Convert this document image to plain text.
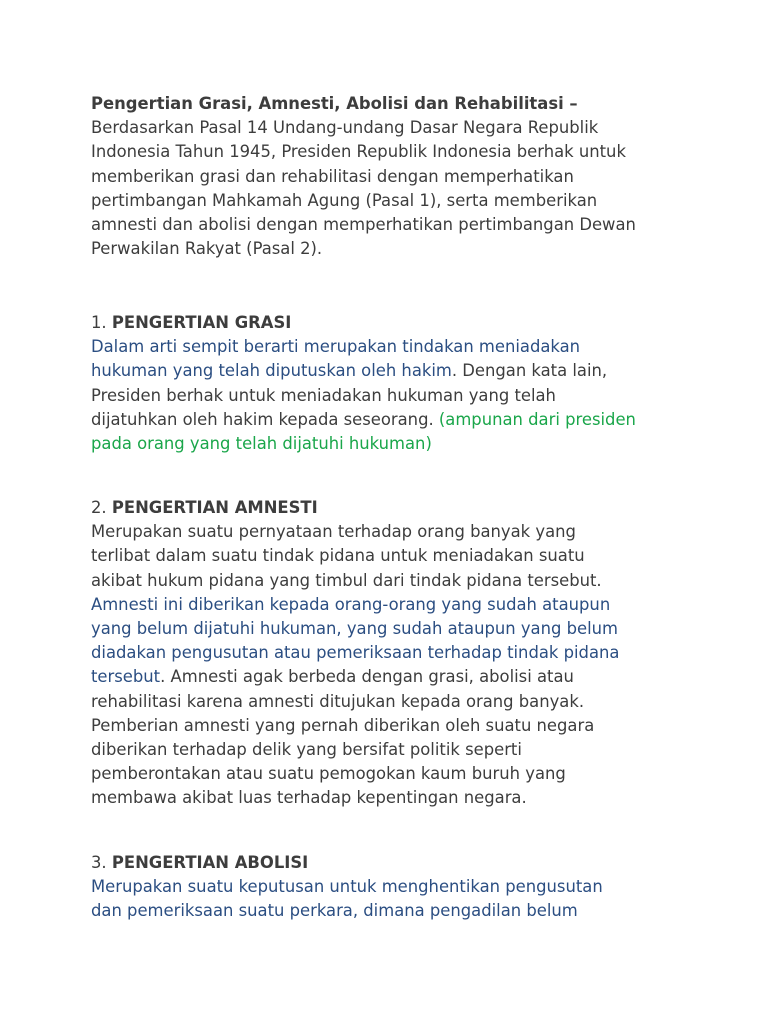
Pengertian Grasi, Amnesti, Abolisi dan Rehabilitasi –
Berdasarkan Pasal 14 Undang-undang Dasar Negara Republik
Indonesia Tahun 1945, Presiden Republik Indonesia berhak untuk
memberikan grasi dan rehabilitasi dengan memperhatikan
pertimbangan Mahkamah Agung (Pasal 1), serta memberikan
amnesti dan abolisi dengan memperhatikan pertimbangan Dewan
Perwakilan Rakyat (Pasal 2).
1. PENGERTIAN GRASI
Dalam arti sempit berarti merupakan tindakan meniadakan
hukuman yang telah diputuskan oleh hakim. Dengan kata lain,
Presiden berhak untuk meniadakan hukuman yang telah
dijatuhkan oleh hakim kepada seseorang. (ampunan dari presiden
pada orang yang telah dijatuhi hukuman)
2. PENGERTIAN AMNESTI
Merupakan suatu pernyataan terhadap orang banyak yang
terlibat dalam suatu tindak pidana untuk meniadakan suatu
akibat hukum pidana yang timbul dari tindak pidana tersebut.
Amnesti ini diberikan kepada orang-orang yang sudah ataupun
yang belum dijatuhi hukuman, yang sudah ataupun yang belum
diadakan pengusutan atau pemeriksaan terhadap tindak pidana
tersebut. Amnesti agak berbeda dengan grasi, abolisi atau
rehabilitasi karena amnesti ditujukan kepada orang banyak.
Pemberian amnesti yang pernah diberikan oleh suatu negara
diberikan terhadap delik yang bersifat politik seperti
pemberontakan atau suatu pemogokan kaum buruh yang
membawa akibat luas terhadap kepentingan negara.
3. PENGERTIAN ABOLISI
Merupakan suatu keputusan untuk menghentikan pengusutan
dan pemeriksaan suatu perkara, dimana pengadilan belum
